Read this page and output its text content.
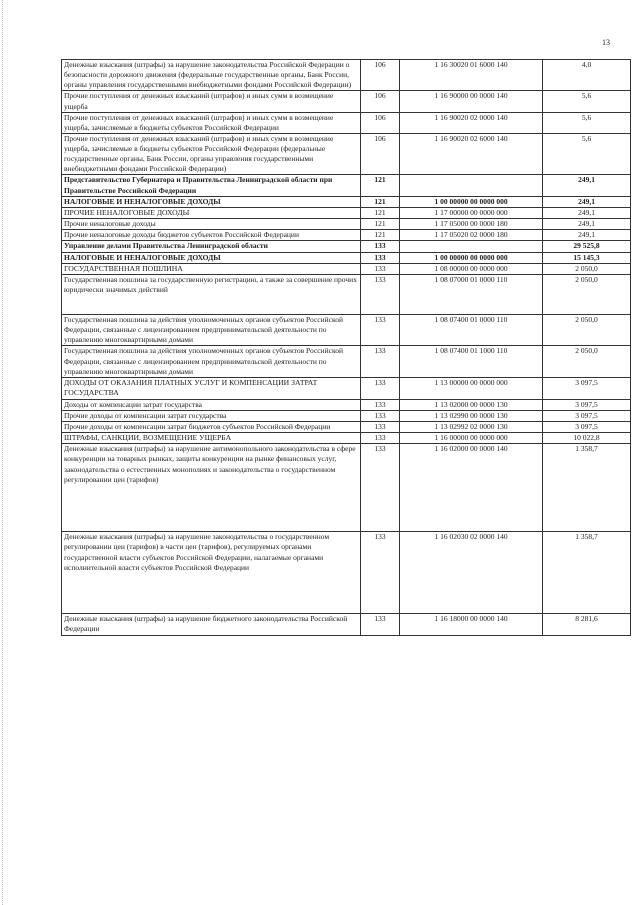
13
Денежные взыскания (штрафы) за нарушение законодательства Российской Федерации о безопасности дорожного движения (федеральные государственные органы, Банк России, органы управления государственными внебюджетными фондами Российской Федерации)	106	1 16 30020 01 6000 140	4,0
Прочие поступления от денежных взысканий (штрафов) и иных сумм в возмещение ущерба	106	1 16 90000 00 0000 140	5,6
Прочие поступления от денежных взысканий (штрафов) и иных сумм в возмещение ущерба, зачисляемые в бюджеты субъектов Российской Федерации	106	1 16 90020 02 0000 140	5,6
Прочие поступления от денежных взысканий (штрафов) и иных сумм в возмещение ущерба, зачисляемые в бюджеты субъектов Российской Федерации (федеральные государственные органы, Банк России, органы управления государственными внебюджетными фондами Российской Федерации)	106	1 16 90020 02 6000 140	5,6
Представительство Губернатора и Правительства Ленинградской области при Правительстве Российской Федерации	121		249,1
НАЛОГОВЫЕ И НЕНАЛОГОВЫЕ ДОХОДЫ	121	1 00 00000 00 0000 000	249,1
ПРОЧИЕ НЕНАЛОГОВЫЕ ДОХОДЫ	121	1 17 00000 00 0000 000	249,1
Прочие неналоговые доходы	121	1 17 05000 00 0000 180	249,1
Прочие неналоговые доходы бюджетов субъектов Российской Федерации	121	1 17 05020 02 0000 180	249,1
Управление делами Правительства Ленинградской области	133		29 525,8
НАЛОГОВЫЕ И НЕНАЛОГОВЫЕ ДОХОДЫ	133	1 00 00000 00 0000 000	15 145,3
ГОСУДАРСТВЕННАЯ ПОШЛИНА	133	1 08 00000 00 0000 000	2 050,0
Государственная пошлина за государственную регистрацию, а также за совершение прочих юридически значимых действий	133	1 08 07000 01 0000 110	2 050,0
Государственная пошлина за действия уполномоченных органов субъектов Российской Федерации, связанные с лицензированием предпринимательской деятельности по управлению многоквартирными домами	133	1 08 07400 01 0000 110	2 050,0
Государственная пошлина за действия уполномоченных органов субъектов Российской Федерации, связанные с лицензированием предпринимательской деятельности по управлению многоквартирными домами	133	1 08 07400 01 1000 110	2 050,0
ДОХОДЫ ОТ ОКАЗАНИЯ ПЛАТНЫХ УСЛУГ И КОМПЕНСАЦИИ ЗАТРАТ ГОСУДАРСТВА	133	1 13 00000 00 0000 000	3 097,5
Доходы от компенсации затрат государства	133	1 13 02000 00 0000 130	3 097,5
Прочие доходы от компенсации затрат государства	133	1 13 02990 00 0000 130	3 097,5
Прочие доходы от компенсации затрат бюджетов субъектов Российской Федерации	133	1 13 02992 02 0000 130	3 097,5
ШТРАФЫ, САНКЦИИ, ВОЗМЕЩЕНИЕ УЩЕРБА	133	1 16 00000 00 0000 000	10 022,8
Денежные взыскания (штрафы) за нарушение антимонопольного законодательства в сфере конкуренции на товарных рынках, защиты конкуренции на рынке финансовых услуг, законодательства о естественных монополиях и законодательства о государственном регулировании цен (тарифов)	133	1 16 02000 00 0000 140	1 358,7
Денежные взыскания (штрафы) за нарушение законодательства о государственном регулировании цен (тарифов) в части цен (тарифов), регулируемых органами государственной власти субъектов Российской Федерации, налагаемые органами исполнительной власти субъектов Российской Федерации	133	1 16 02030 02 0000 140	1 358,7
Денежные взыскания (штрафы) за нарушение бюджетного законодательства Российской Федерации	133	1 16 18000 00 0000 140	8 281,6
